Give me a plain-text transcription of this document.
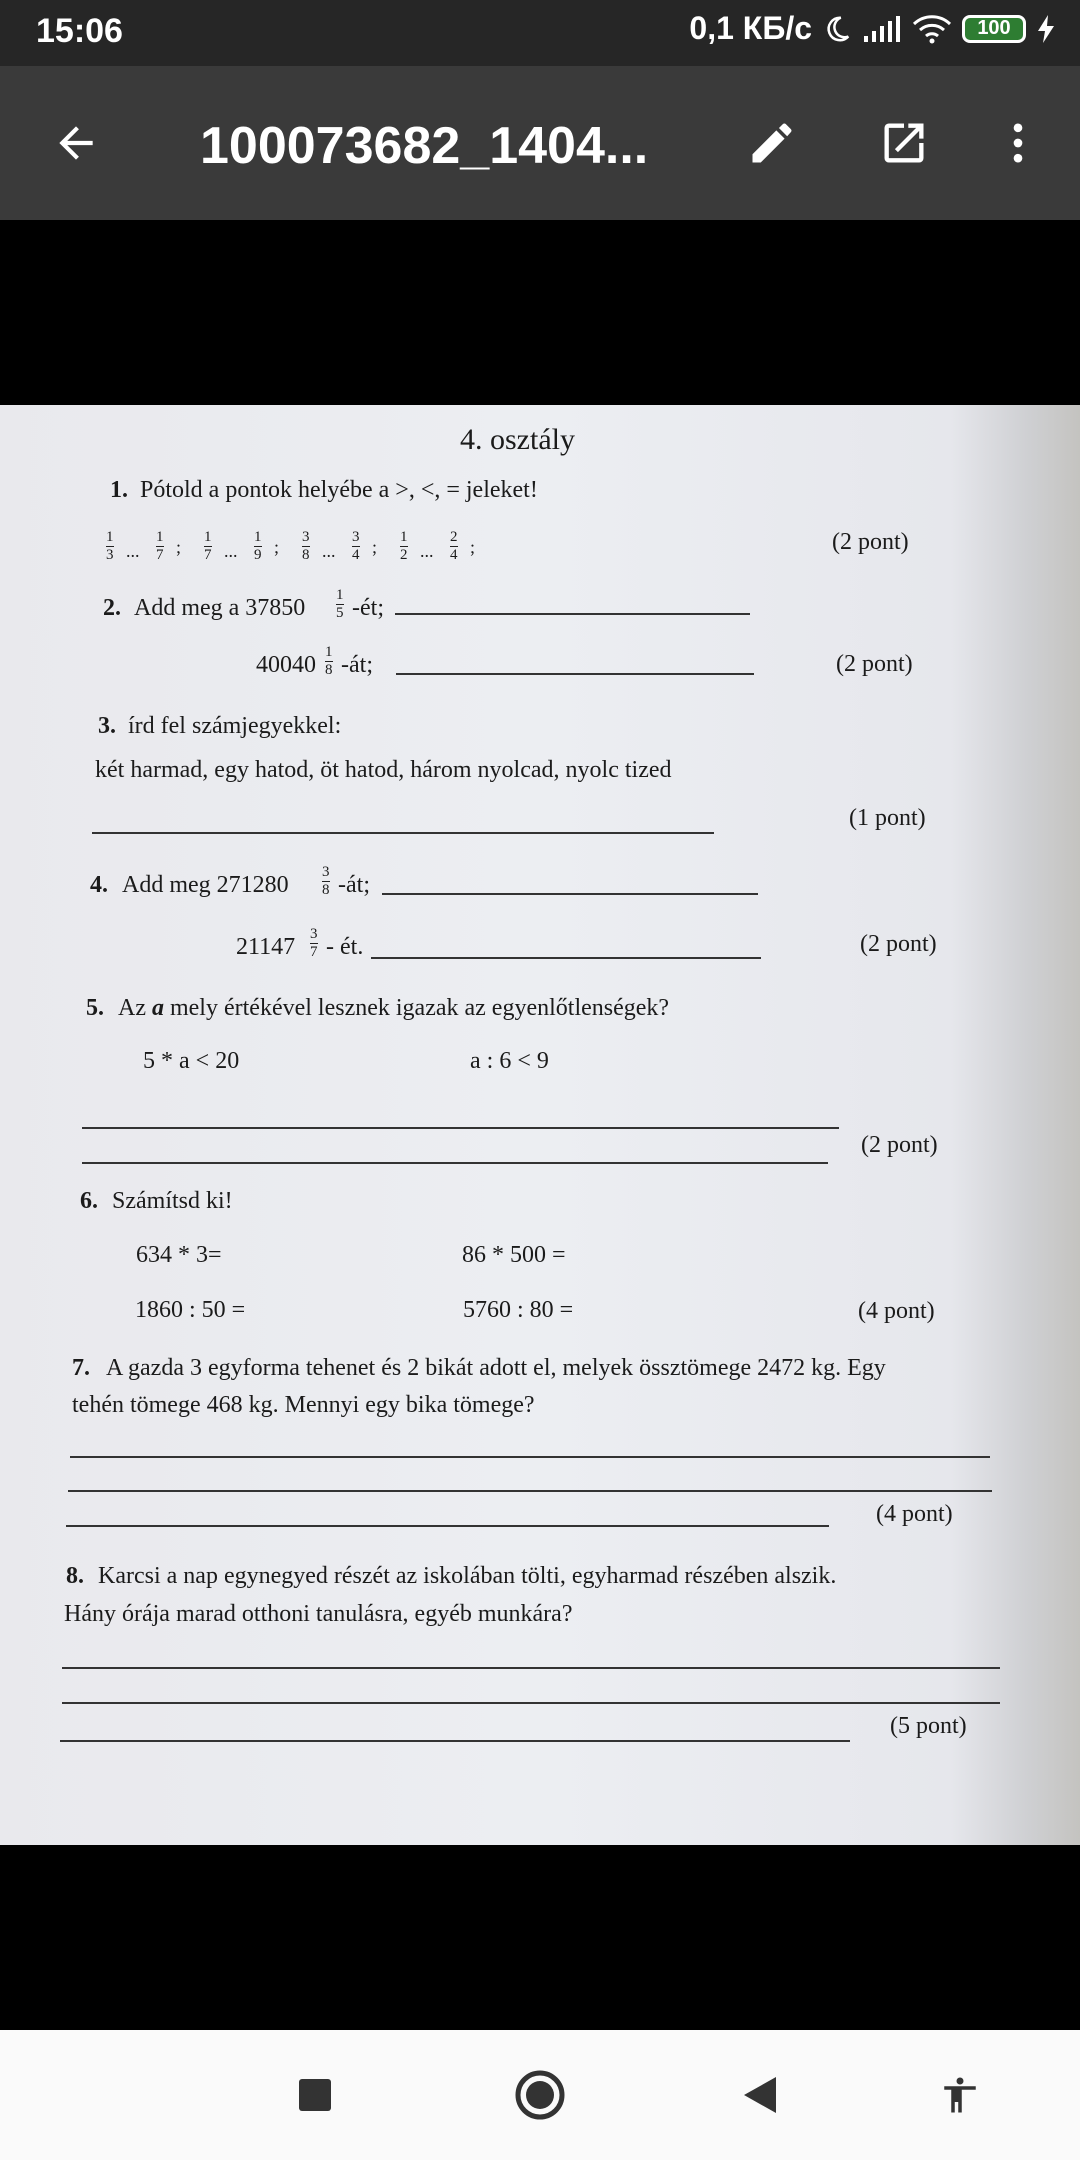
15:06	0,1 КБ/с	100
100073682_1404...
4. osztály
1. Pótold a pontok helyébe a >, <, = jeleket!
1
3 ...
1
7 ; 1
7 ...
1
9 ; 3
8 ...
3
4 ; 1
2 ...
2
4 ;	(2 pont)
2. Add meg a 37850 1
5 -ét;
40040 1
8 -át;	(2 pont)
3. írd fel számjegyekkel:
két harmad, egy hatod, öt hatod, három nyolcad, nyolc tized
(1 pont)
4. Add meg 271280 3
8 -át;
21147 3
7 - ét.	(2 pont)
5. Az a mely értékével lesznek igazak az egyenlőtlenségek?
5 * a < 20	a : 6 < 9
(2 pont)
6. Számítsd ki!
634 * 3=	86 * 500 =
1860 : 50 =	5760 : 80 =	(4 pont)
7. A gazda 3 egyforma tehenet és 2 bikát adott el, melyek össztömege 2472 kg. Egy
tehén tömege 468 kg. Mennyi egy bika tömege?
(4 pont)
8. Karcsi a nap egynegyed részét az iskolában tölti, egyharmad részében alszik.
Hány órája marad otthoni tanulásra, egyéb munkára?
(5 pont)
